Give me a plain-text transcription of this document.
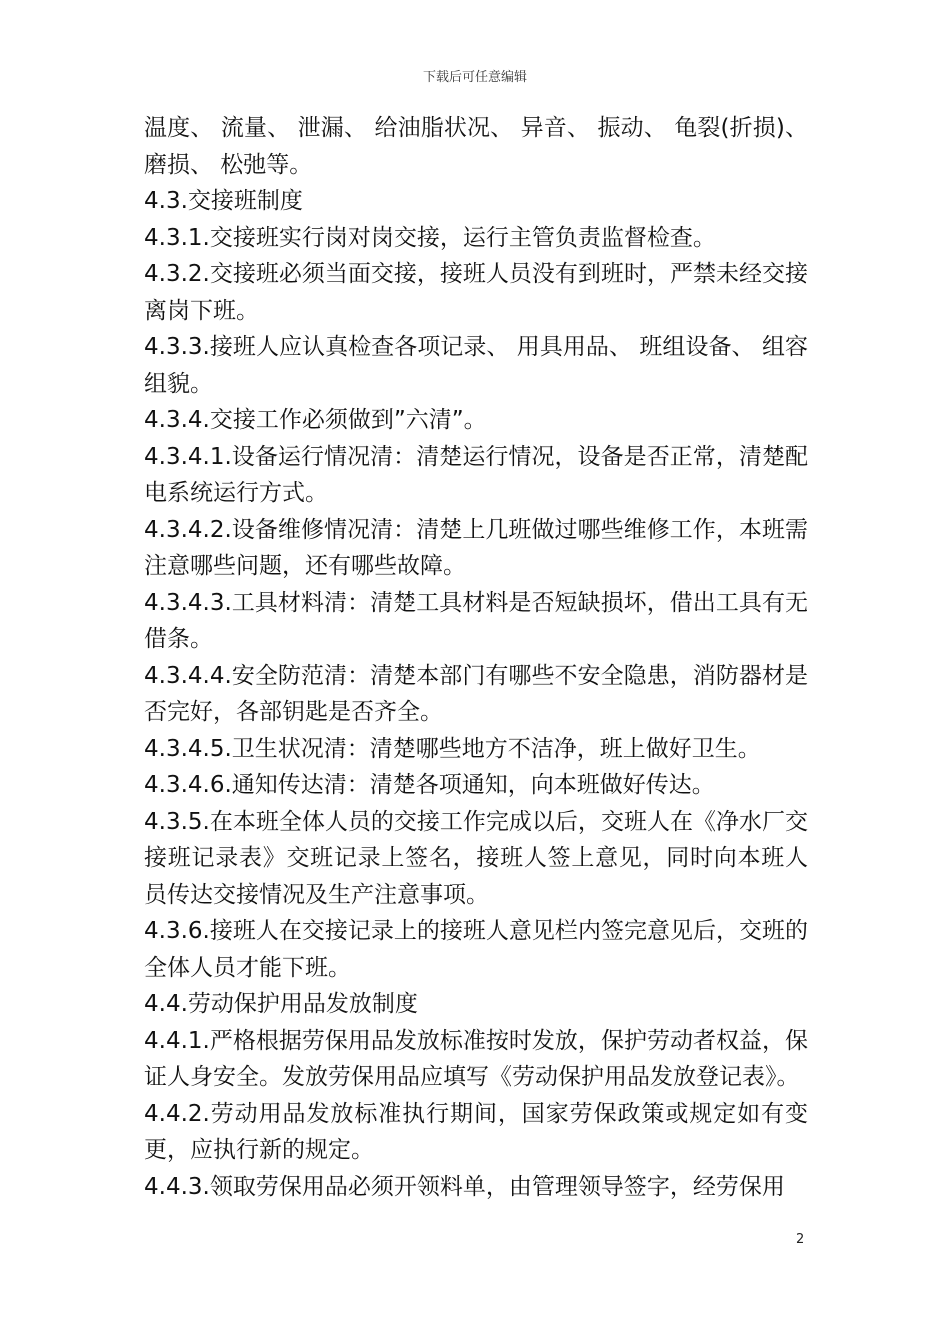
下载后可任意编辑

温度、 流量、 泄漏、 给油脂状况、 异音、 振动、 龟裂(折损)、 磨损、 松弛等。

4.3.交接班制度

4.3.1.交接班实行岗对岗交接，运行主管负责监督检查。

4.3.2.交接班必须当面交接，接班人员没有到班时，严禁未经交接离岗下班。

4.3.3.接班人应认真检查各项记录、 用具用品、 班组设备、 组容组貌。

4.3.4.交接工作必须做到”六清”。

4.3.4.1.设备运行情况清：清楚运行情况，设备是否正常，清楚配电系统运行方式。

4.3.4.2.设备维修情况清：清楚上几班做过哪些维修工作，本班需注意哪些问题，还有哪些故障。

4.3.4.3.工具材料清：清楚工具材料是否短缺损坏，借出工具有无借条。

4.3.4.4.安全防范清：清楚本部门有哪些不安全隐患，消防器材是否完好，各部钥匙是否齐全。

4.3.4.5.卫生状况清：清楚哪些地方不洁净，班上做好卫生。

4.3.4.6.通知传达清：清楚各项通知，向本班做好传达。

4.3.5.在本班全体人员的交接工作完成以后，交班人在《净水厂交接班记录表》交班记录上签名，接班人签上意见，同时向本班人员传达交接情况及生产注意事项。

4.3.6.接班人在交接记录上的接班人意见栏内签完意见后，交班的全体人员才能下班。

4.4.劳动保护用品发放制度

4.4.1.严格根据劳保用品发放标准按时发放，保护劳动者权益，保证人身安全。发放劳保用品应填写《劳动保护用品发放登记表》。

4.4.2.劳动用品发放标准执行期间，国家劳保政策或规定如有变更，应执行新的规定。

4.4.3.领取劳保用品必须开领料单，由管理领导签字，经劳保用

2
